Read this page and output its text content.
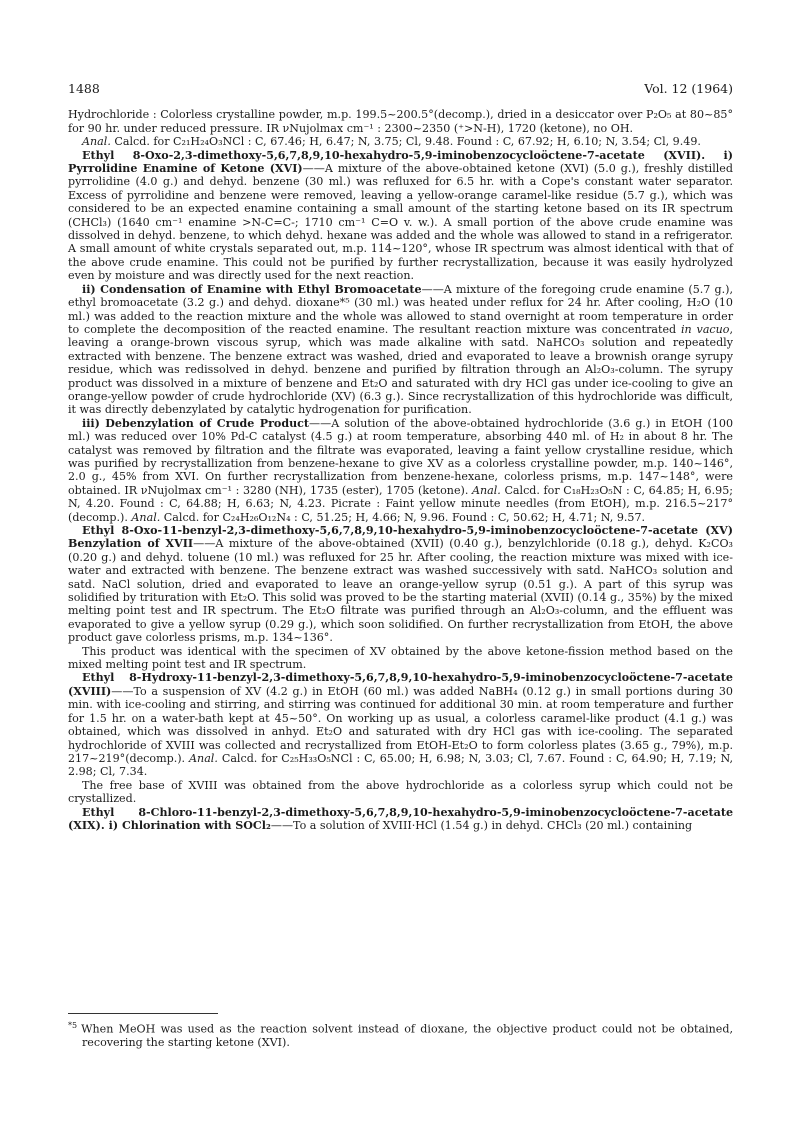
1488	Vol. 12 (1964)

Hydrochloride : Colorless crystalline powder, m.p. 199.5~200.5°(decomp.), dried in a desiccator over P₂O₅ at 80~85° for 90 hr. under reduced pressure. IR νNujolmax cm⁻¹ : 2300~2350 (⁺>N-H), 1720 (ketone), no OH.

Anal. Calcd. for C₂₁H₂₄O₃NCl : C, 67.46; H, 6.47; N, 3.75; Cl, 9.48. Found : C, 67.92; H, 6.10; N, 3.54; Cl, 9.49.

Ethyl 8-Oxo-2,3-dimethoxy-5,6,7,8,9,10-hexahydro-5,9-iminobenzocycloöctene-7-acetate (XVII). i) Pyrrolidine Enamine of Ketone (XVI)——A mixture of the above-obtained ketone (XVI) (5.0 g.), freshly distilled pyrrolidine (4.0 g.) and dehyd. benzene (30 ml.) was refluxed for 6.5 hr. with a Cope's constant water separator. Excess of pyrrolidine and benzene were removed, leaving a yellow-orange caramel-like residue (5.7 g.), which was considered to be an expected enamine containing a small amount of the starting ketone based on its IR spectrum (CHCl₃) (1640 cm⁻¹ enamine >N-C=C-; 1710 cm⁻¹ C=O v. w.). A small portion of the above crude enamine was dissolved in dehyd. benzene, to which dehyd. hexane was added and the whole was allowed to stand in a refrigerator. A small amount of white crystals separated out, m.p. 114~120°, whose IR spectrum was almost identical with that of the above crude enamine. This could not be purified by further recrystallization, because it was easily hydrolyzed even by moisture and was directly used for the next reaction.

ii) Condensation of Enamine with Ethyl Bromoacetate——A mixture of the foregoing crude enamine (5.7 g.), ethyl bromoacetate (3.2 g.) and dehyd. dioxane*⁵ (30 ml.) was heated under reflux for 24 hr. After cooling, H₂O (10 ml.) was added to the reaction mixture and the whole was allowed to stand overnight at room temperature in order to complete the decomposition of the reacted enamine. The resultant reaction mixture was concentrated in vacuo, leaving a orange-brown viscous syrup, which was made alkaline with satd. NaHCO₃ solution and repeatedly extracted with benzene. The benzene extract was washed, dried and evaporated to leave a brownish orange syrupy residue, which was redissolved in dehyd. benzene and purified by filtration through an Al₂O₃-column. The syrupy product was dissolved in a mixture of benzene and Et₂O and saturated with dry HCl gas under ice-cooling to give an orange-yellow powder of crude hydrochloride (XV) (6.3 g.). Since recrystallization of this hydrochloride was difficult, it was directly debenzylated by catalytic hydrogenation for purification.

iii) Debenzylation of Crude Product——A solution of the above-obtained hydrochloride (3.6 g.) in EtOH (100 ml.) was reduced over 10% Pd-C catalyst (4.5 g.) at room temperature, absorbing 440 ml. of H₂ in about 8 hr. The catalyst was removed by filtration and the filtrate was evaporated, leaving a faint yellow crystalline residue, which was purified by recrystallization from benzene-hexane to give XV as a colorless crystalline powder, m.p. 140~146°, 2.0 g., 45% from XVI. On further recrystallization from benzene-hexane, colorless prisms, m.p. 147~148°, were obtained. IR νNujolmax cm⁻¹ : 3280 (NH), 1735 (ester), 1705 (ketone). Anal. Calcd. for C₁₈H₂₃O₅N : C, 64.85; H, 6.95; N, 4.20. Found : C, 64.88; H, 6.63; N, 4.23. Picrate : Faint yellow minute needles (from EtOH), m.p. 216.5~217°(decomp.). Anal. Calcd. for C₂₄H₂₆O₁₂N₄ : C, 51.25; H, 4.66; N, 9.96. Found : C, 50.62; H, 4.71; N, 9.57.

Ethyl 8-Oxo-11-benzyl-2,3-dimethoxy-5,6,7,8,9,10-hexahydro-5,9-iminobenzocycloöctene-7-acetate (XV) Benzylation of XVII——A mixture of the above-obtained (XVII) (0.40 g.), benzylchloride (0.18 g.), dehyd. K₂CO₃ (0.20 g.) and dehyd. toluene (10 ml.) was refluxed for 25 hr. After cooling, the reaction mixture was mixed with ice-water and extracted with benzene. The benzene extract was washed successively with satd. NaHCO₃ solution and satd. NaCl solution, dried and evaporated to leave an orange-yellow syrup (0.51 g.). A part of this syrup was solidified by trituration with Et₂O. This solid was proved to be the starting material (XVII) (0.14 g., 35%) by the mixed melting point test and IR spectrum. The Et₂O filtrate was purified through an Al₂O₃-column, and the effluent was evaporated to give a yellow syrup (0.29 g.), which soon solidified. On further recrystallization from EtOH, the above product gave colorless prisms, m.p. 134~136°.

This product was identical with the specimen of XV obtained by the above ketone-fission method based on the mixed melting point test and IR spectrum.

Ethyl 8-Hydroxy-11-benzyl-2,3-dimethoxy-5,6,7,8,9,10-hexahydro-5,9-iminobenzocycloöctene-7-acetate (XVIII)——To a suspension of XV (4.2 g.) in EtOH (60 ml.) was added NaBH₄ (0.12 g.) in small portions during 30 min. with ice-cooling and stirring, and stirring was continued for additional 30 min. at room temperature and further for 1.5 hr. on a water-bath kept at 45~50°. On working up as usual, a colorless caramel-like product (4.1 g.) was obtained, which was dissolved in anhyd. Et₂O and saturated with dry HCl gas with ice-cooling. The separated hydrochloride of XVIII was collected and recrystallized from EtOH-Et₂O to form colorless plates (3.65 g., 79%), m.p. 217~219°(decomp.). Anal. Calcd. for C₂₅H₃₃O₅NCl : C, 65.00; H, 6.98; N, 3.03; Cl, 7.67. Found : C, 64.90; H, 7.19; N, 2.98; Cl, 7.34.

The free base of XVIII was obtained from the above hydrochloride as a colorless syrup which could not be crystallized.

Ethyl 8-Chloro-11-benzyl-2,3-dimethoxy-5,6,7,8,9,10-hexahydro-5,9-iminobenzocycloöctene-7-acetate (XIX). i) Chlorination with SOCl₂——To a solution of XVIII·HCl (1.54 g.) in dehyd. CHCl₃ (20 ml.) containing

$^{*5}$ When MeOH was used as the reaction solvent instead of dioxane, the objective product could not be obtained, recovering the starting ketone (XVI).
